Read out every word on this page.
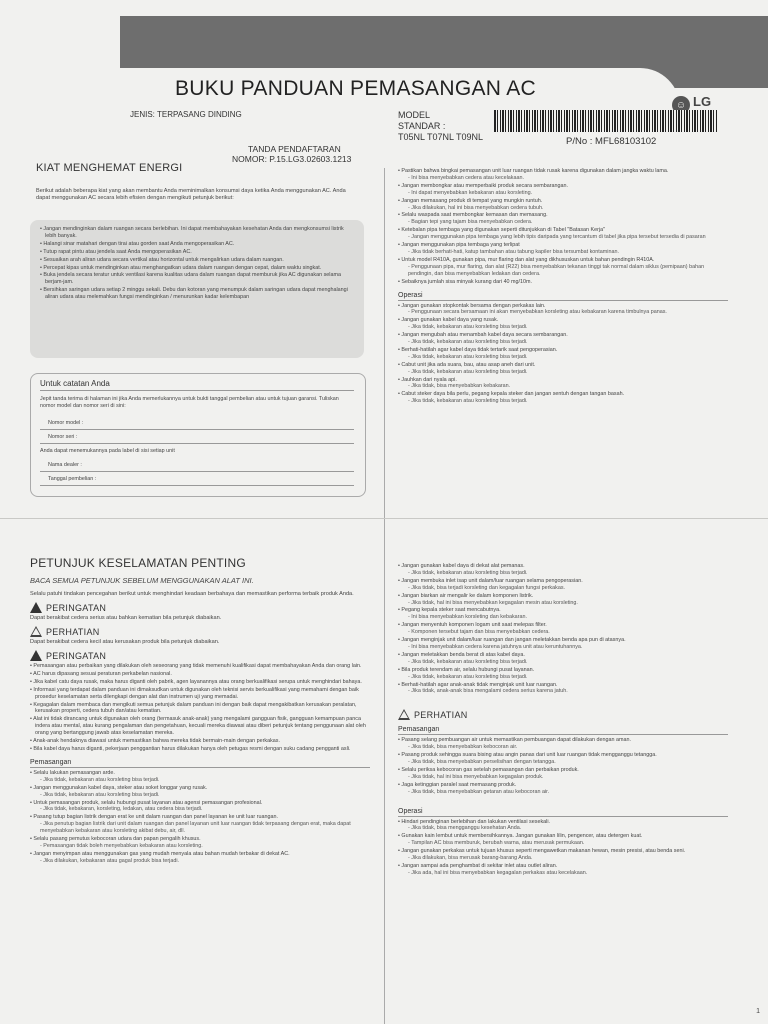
BUKU PANDUAN PEMASANGAN AC
☺ LG
JENIS: TERPASANG DINDING	MODEL
STANDAR :
T05NL T07NL T09NL	P/No : MFL68103102
TANDA PENDAFTARAN
NOMOR: P.15.LG3.02603.1213
KIAT MENGHEMAT ENERGI
Berikut adalah beberapa kiat yang akan membantu Anda meminimalkan konsumsi daya ketika Anda menggunakan AC. Anda dapat menggunakan AC secara lebih efisien dengan mengikuti petunjuk berikut:
• Jangan mendinginkan dalam ruangan secara berlebihan. Ini dapat membahayakan kesehatan Anda dan mengkonsumsi listrik lebih banyak.
• Halangi sinar matahari dengan tirai atau gorden saat Anda mengoperasikan AC.
• Tutup rapat pintu atau jendela saat Anda mengoperasikan AC.
• Sesuaikan arah aliran udara secara vertikal atau horizontal untuk mengalirkan udara dalam ruangan.
• Percepat kipas untuk mendinginkan atau menghangatkan udara dalam ruangan dengan cepat, dalam waktu singkat.
• Buka jendela secara teratur untuk ventilasi karena kualitas udara dalam ruangan dapat memburuk jika AC digunakan selama berjam-jam.
• Bersihkan saringan udara setiap 2 minggu sekali. Debu dan kotoran yang menumpuk dalam saringan udara dapat menghalangi aliran udara atau melemahkan fungsi mendinginkan / menurunkan kadar kelembapan
Untuk catatan Anda
Jepit tanda terima di halaman ini jika Anda memerlukannya untuk bukti tanggal pembelian atau untuk tujuan garansi. Tuliskan nomor model dan nomor seri di sini:
Nomor model :
Nomor seri :
Anda dapat menemukannya pada label di sisi setiap unit
Nama dealer :
Tanggal pembelian :
• Pastikan bahwa bingkai pemasangan unit luar ruangan tidak rusak karena digunakan dalam jangka waktu lama.
- Ini bisa menyebabkan cedera atau kecelakaan.
• Jangan membongkar atau memperbaiki produk secara sembarangan.
- Ini dapat menyebabkan kebakaran atau korsleting.
• Jangan memasang produk di tempat yang mungkin runtuh.
- Jika dilakukan, hal ini bisa menyebabkan cedera tubuh.
• Selalu waspada saat membongkar kemasan dan memasang.
- Bagian tepi yang tajam bisa menyebabkan cedera.
• Ketebalan pipa tembaga yang digunakan seperti ditunjukkan di Tabel "Batasan Kerja"
- Jangan menggunakan pipa tembaga yang lebih tipis daripada yang tercantum di tabel jika pipa tersebut tersedia di pasaran
• Jangan menggunakan pipa tembaga yang terlipat
- Jika tidak berhati-hati, katup tambahan atau tabung kapiler bisa tersumbat kontaminan.
• Untuk model R410A, gunakan pipa, mur flaring dan alat yang dikhususkan untuk bahan pendingin R410A.
- Penggunaan pipa, mur flaring, dan alat (R22) bisa menyebabkan tekanan tinggi tak normal dalam siklus (pemipaan) bahan pendingin, dan bisa menyebabkan ledakan dan cedera.
• Sebaiknya jumlah sisa minyak kurang dari 40 mg/10m.
Operasi
• Jangan gunakan stopkontak bersama dengan perkakas lain.
- Penggunaan secara bersamaan ini akan menyebabkan korsleting atau kebakaran karena timbulnya panas.
• Jangan gunakan kabel daya yang rusak.
- Jika tidak, kebakaran atau korsleting bisa terjadi.
• Jangan mengubah atau menambah kabel daya secara sembarangan.
- Jika tidak, kebakaran atau korsleting bisa terjadi.
• Berhati-hatilah agar kabel daya tidak tertarik saat pengoperasian.
- Jika tidak, kebakaran atau korsleting bisa terjadi.
• Cabut unit jika ada suara, bau, atau asap aneh dari unit.
- Jika tidak, kebakaran atau korsleting bisa terjadi.
• Jauhkan dari nyala api.
- Jika tidak, bisa menyebabkan kebakaran.
• Cabut steker daya bila perlu, pegang kepala steker dan jangan sentuh dengan tangan basah.
- Jika tidak, kebakaran atau korsleting bisa terjadi.
PETUNJUK KESELAMATAN PENTING
BACA SEMUA PETUNJUK SEBELUM MENGGUNAKAN ALAT INI.
Selalu patuhi tindakan pencegahan berikut untuk menghindari keadaan berbahaya dan memastikan performa terbaik produk Anda.
PERINGATAN
Dapat berakibat cedera serius atau bahkan kematian bila petunjuk diabaikan.
PERHATIAN
Dapat berakibat cedera kecil atau kerusakan produk bila petunjuk diabaikan.
PERINGATAN
• Pemasangan atau perbaikan yang dilakukan oleh seseorang yang tidak memenuhi kualifikasi dapat membahayakan Anda dan orang lain.
• AC harus dipasang sesuai peraturan perkabelan nasional.
• Jika kabel catu daya rusak, maka harus diganti oleh pabrik, agen layanannya atau orang berkualifikasi serupa untuk menghindari bahaya.
• Informasi yang terdapat dalam panduan ini dimaksudkan untuk digunakan oleh teknisi servis berkualifikasi yang memahami dengan baik prosedur keselamatan serta dilengkapi dengan alat dan instrumen uji yang memadai.
• Kegagalan dalam membaca dan mengikuti semua petunjuk dalam panduan ini dengan baik dapat mengakibatkan kerusakan peralatan, kerusakan properti, cedera tubuh dan/atau kematian.
• Alat ini tidak dirancang untuk digunakan oleh orang (termasuk anak-anak) yang mengalami gangguan fisik, gangguan kemampuan panca indera atau mental, atau kurang pengalaman dan pengetahuan, kecuali mereka diawasi atau diberi petunjuk tentang penggunaan alat oleh orang yang bertanggung jawab atas keselamatan mereka.
• Anak-anak hendaknya diawasi untuk memastikan bahwa mereka tidak bermain-main dengan perkakas.
• Bila kabel daya harus diganti, pekerjaan penggantian harus dilakukan hanya oleh petugas resmi dengan suku cadang pengganti asli.
Pemasangan
• Selalu lakukan pemasangan arde.
- Jika tidak, kebakaran atau korsleting bisa terjadi.
• Jangan menggunakan kabel daya, steker atau soket longgar yang rusak.
- Jika tidak, kebakaran atau korsleting bisa terjadi.
• Untuk pemasangan produk, selalu hubungi pusat layanan atau agensi pemasangan profesional.
- Jika tidak, kebakaran, korsleting, ledakan, atau cedera bisa terjadi.
• Pasang tutup bagian listrik dengan erat ke unit dalam ruangan dan panel layanan ke unit luar ruangan.
- Jika penutup bagian listrik dari unit dalam ruangan dan panel layanan unit luar ruangan tidak terpasang dengan erat, maka dapat menyebabkan kebakaran atau korsleting akibat debu, air, dll.
• Selalu pasang pemutus kebocoran udara dan papan pengalih khusus.
- Pemasangan tidak boleh menyebabkan kebakaran atau korsleting.
• Jangan menyimpan atau menggunakan gas yang mudah menyala atau bahan mudah terbakar di dekat AC.
- Jika dilakukan, kebakaran atau gagal produk bisa terjadi.
• Jangan gunakan kabel daya di dekat alat pemanas.
- Jika tidak, kebakaran atau korsleting bisa terjadi.
• Jangan membuka inlet isap unit dalam/luar ruangan selama pengoperasian.
- Jika tidak, bisa terjadi korsleting dan kegagalan fungsi perkakas.
• Jangan biarkan air mengalir ke dalam komponen listrik.
- Jika tidak, hal ini bisa menyebabkan kegagalan mesin atau korsleting.
• Pegang kepala steker saat mencabutnya.
- Ini bisa menyebabkan korsleting dan kebakaran.
• Jangan menyentuh komponen logam unit saat melepas filter.
- Komponen tersebut tajam dan bisa menyebabkan cedera.
• Jangan menginjak unit dalam/luar ruangan dan jangan meletakkan benda apa pun di atasnya.
- Ini bisa menyebabkan cedera karena jatuhnya unit atau keruntuhannya.
• Jangan meletakkan benda berat di atas kabel daya.
- Jika tidak, kebakaran atau korsleting bisa terjadi.
• Bila produk terendam air, selalu hubungi pusat layanan.
- Jika tidak, kebakaran atau korsleting bisa terjadi.
• Berhati-hatilah agar anak-anak tidak menginjak unit luar ruangan.
- Jika tidak, anak-anak bisa mengalami cedera serius karena jatuh.
PERHATIAN
Pemasangan
• Pasang selang pembuangan air untuk memastikan pembuangan dapat dilakukan dengan aman.
- Jika tidak, bisa menyebabkan kebocoran air.
• Pasang produk sehingga suara bising atau angin panas dari unit luar ruangan tidak mengganggu tetangga.
- Jika tidak, bisa menyebabkan perselisihan dengan tetangga.
• Selalu periksa kebocoran gas setelah pemasangan dan perbaikan produk.
- Jika tidak, hal ini bisa menyebabkan kegagalan produk.
• Jaga ketinggian paralel saat memasang produk.
- Jika tidak, bisa menyebabkan getaran atau kebocoran air.
Operasi
• Hindari pendinginan berlebihan dan lakukan ventilasi sesekali.
- Jika tidak, bisa mengganggu kesehatan Anda.
• Gunakan kain lembut untuk membersihkannya. Jangan gunakan lilin, pengencer, atau detergen kuat.
- Tampilan AC bisa memburuk, berubah warna, atau merusak permukaan.
• Jangan gunakan perkakas untuk tujuan khusus seperti mengawetkan makanan hewan, mesin presisi, atau benda seni.
- Jika dilakukan, bisa merusak barang-barang Anda.
• Jangan sampai ada penghambat di sekitar inlet atau outlet aliran.
- Jika ada, hal ini bisa menyebabkan kegagalan perkakas atau kecelakaan.
1
